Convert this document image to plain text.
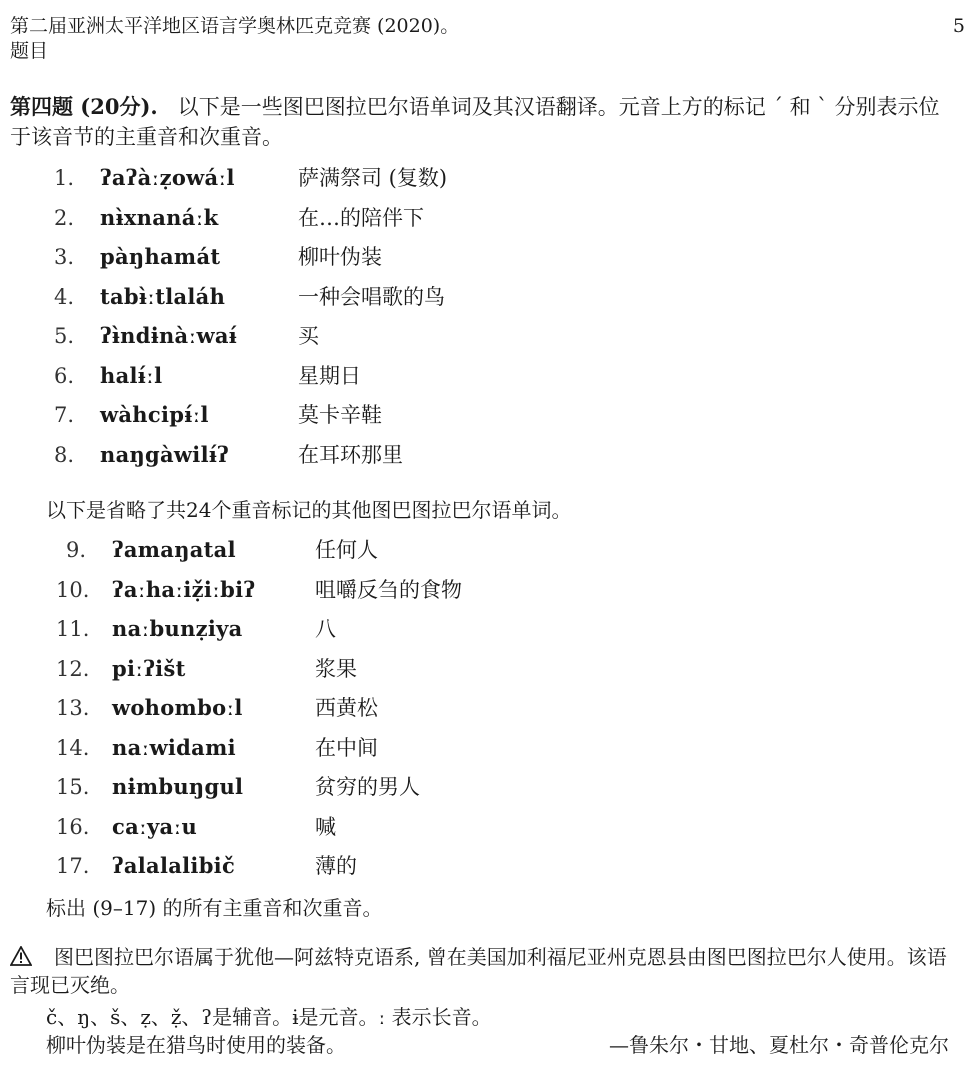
第二届亚洲太平洋地区语言学奥林匹克竞赛 (2020)。
题目
5
第四题 (20分). 以下是一些图巴图拉巴尔语单词及其汉语翻译。元音上方的标记 ˊ 和 ˋ 分别表示位于该音节的主重音和次重音。
1. ʔaʔàːẓowáːl	萨满祭司 (复数)
2. nɨ̀xnanáːk	在…的陪伴下
3. pàŋhamát	柳叶伪装
4. tabɨ̀ːtlaláh	一种会唱歌的鸟
5. ʔɨ̀ndɨnàːwaɨ́	买
6. halɨ́ːl	星期日
7. wàhcipɨ́ːl	莫卡辛鞋
8. naŋgàwilɨ́ʔ	在耳环那里
以下是省略了共24个重音标记的其他图巴图拉巴尔语单词。
9. ʔamaŋatal	任何人
10. ʔaːhaːiẓ̌iːbiʔ	咀嚼反刍的食物
11. naːbunẓiya	八
12. piːʔišt	浆果
13. wohomboːl	西黄松
14. naːwidami	在中间
15. nɨmbuŋgul	贫穷的男人
16. caːyaːu	喊
17. ʔalalalibič	薄的
标出 (9–17) 的所有主重音和次重音。
图巴图拉巴尔语属于犹他—阿兹特克语系, 曾在美国加利福尼亚州克恩县由图巴图拉巴尔人使用。该语言现已灭绝。
č、ŋ、š、ẓ、ẓ̌、ʔ是辅音。ɨ是元音。ː 表示长音。
柳叶伪装是在猎鸟时使用的装备。	—鲁朱尔・甘地、夏杜尔・奇普伦克尔
